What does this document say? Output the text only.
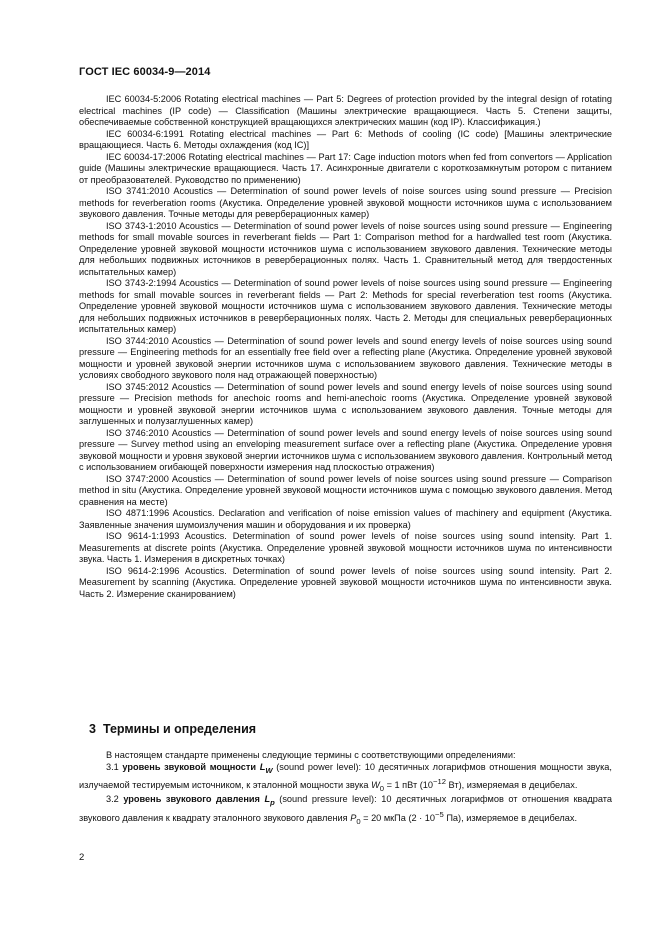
ГОСТ IEC 60034-9—2014

IEC 60034-5:2006 Rotating electrical machines — Part 5: Degrees of protection provided by the integral design of rotating electrical machines (IP code) — Classification (Машины электрические вращающиеся. Часть 5. Степени защиты, обеспечиваемые собственной конструкцией вращающихся электрических машин (код IP). Классификация.)

IEC 60034-6:1991 Rotating electrical machines — Part 6: Methods of cooling (IC code) [Машины электрические вращающиеся. Часть 6. Методы охлаждения (код IC)]

IEC 60034-17:2006 Rotating electrical machines — Part 17: Cage induction motors when fed from convertors — Application guide (Машины электрические вращающиеся. Часть 17. Асинхронные двигатели с короткозамкнутым ротором с питанием от преобразователей. Руководство по применению)

ISO 3741:2010 Acoustics — Determination of sound power levels of noise sources using sound pressure — Precision methods for reverberation rooms (Акустика. Определение уровней звуковой мощности источников шума с использованием звукового давления. Точные методы для реверберационных камер)

ISO 3743-1:2010 Acoustics — Determination of sound power levels of noise sources using sound pressure — Engineering methods for small movable sources in reverberant fields — Part 1: Comparison method for a hardwalled test room (Акустика. Определение уровней звуковой мощности источников шума с использованием звукового давления. Технические методы для небольших подвижных источников в реверберационных полях. Часть 1. Сравнительный метод для твердостенных испытательных камер)

ISO 3743-2:1994 Acoustics — Determination of sound power levels of noise sources using sound pressure — Engineering methods for small movable sources in reverberant fields — Part 2: Methods for special reverberation test rooms (Акустика. Определение уровней звуковой мощности источников шума с использованием звукового давления. Технические методы для небольших подвижных источников в реверберационных полях. Часть 2. Методы для специальных реверберационных испытательных камер)

ISO 3744:2010 Acoustics — Determination of sound power levels and sound energy levels of noise sources using sound pressure — Engineering methods for an essentially free field over a reflecting plane (Акустика. Определение уровней звуковой мощности и уровней звуковой энергии источников шума с использованием звукового давления. Технические методы в условиях свободного звукового поля над отражающей поверхностью)

ISO 3745:2012 Acoustics — Determination of sound power levels and sound energy levels of noise sources using sound pressure — Precision methods for anechoic rooms and hemi-anechoic rooms (Акустика. Определение уровней звуковой мощности и уровней звуковой энергии источников шума с использованием звукового давления. Точные методы для заглушенных и полузаглушенных камер)

ISO 3746:2010 Acoustics — Determination of sound power levels and sound energy levels of noise sources using sound pressure — Survey method using an enveloping measurement surface over a reflecting plane (Акустика. Определение уровня звуковой мощности и уровня звуковой энергии источников шума с использованием звукового давления. Контрольный метод с использованием огибающей поверхности измерения над плоскостью отражения)

ISO 3747:2000 Acoustics — Determination of sound power levels of noise sources using sound pressure — Comparison method in situ (Акустика. Определение уровней звуковой мощности источников шума с помощью звукового давления. Метод сравнения на месте)

ISO 4871:1996 Acoustics. Declaration and verification of noise emission values of machinery and equipment (Акустика. Заявленные значения шумоизлучения машин и оборудования и их проверка)

ISO 9614-1:1993 Acoustics. Determination of sound power levels of noise sources using sound intensity. Part 1. Measurements at discrete points (Акустика. Определение уровней звуковой мощности источников шума по интенсивности звука. Часть 1. Измерения в дискретных точках)

ISO 9614-2:1996 Acoustics. Determination of sound power levels of noise sources using sound intensity. Part 2. Measurement by scanning (Акустика. Определение уровней звуковой мощности источников шума по интенсивности звука. Часть 2. Измерение сканированием)

3 Термины и определения

В настоящем стандарте применены следующие термины с соответствующими определениями:

3.1 уровень звуковой мощности $L_W$ (sound power level): 10 десятичных логарифмов отношения мощности звука, излучаемой тестируемым источником, к эталонной мощности звука $W_0 = 1$ пВт ($10^{-12}$ Вт), измеряемая в децибелах.

3.2 уровень звукового давления $L_p$ (sound pressure level): 10 десятичных логарифмов от отношения квадрата звукового давления к квадрату эталонного звукового давления $P_0 = 20$ мкПа ($2 \cdot 10^{-5}$ Па), измеряемое в децибелах.

2
